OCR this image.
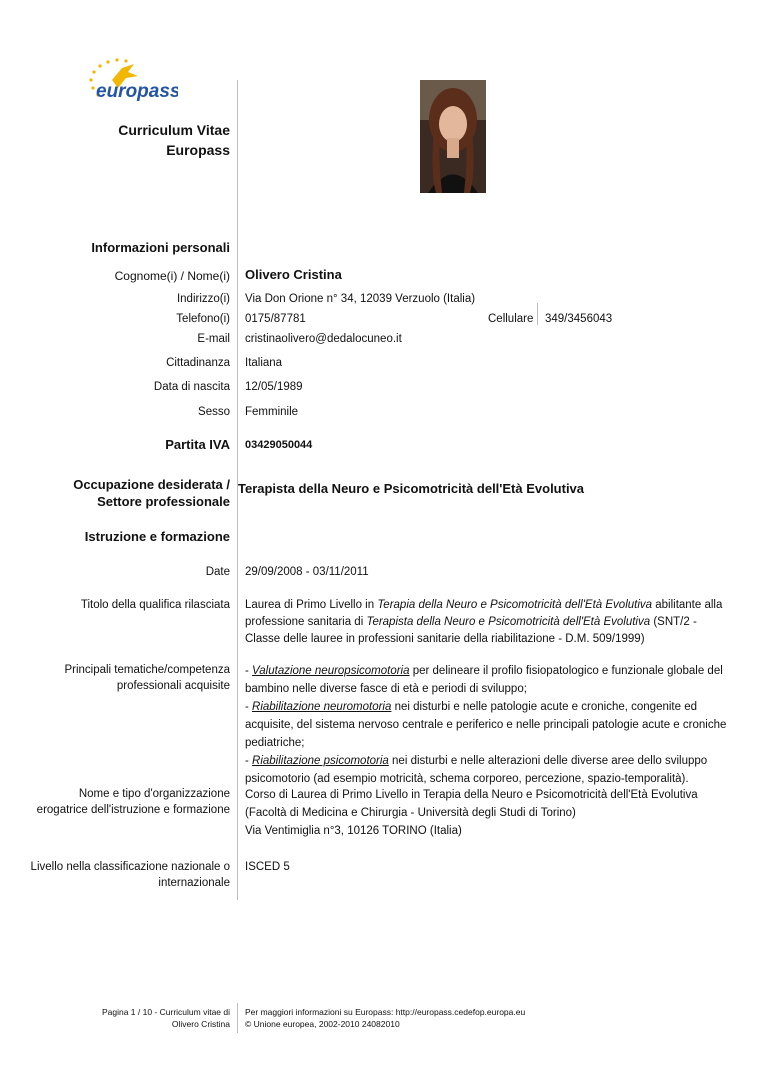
europass
Curriculum Vitae
Europass
Informazioni personali
Cognome(i) / Nome(i) Olivero Cristina
Indirizzo(i) Via Don Orione n° 34, 12039 Verzuolo (Italia)
Telefono(i) 0175/87781	Cellulare 349/3456043
E-mail cristinaolivero@dedalocuneo.it
Cittadinanza Italiana
Data di nascita 12/05/1989
Sesso Femminile
Partita IVA 03429050044
Occupazione desiderata /
Settore professionale
Terapista della Neuro e Psicomotricità dell'Età Evolutiva
Istruzione e formazione
Date 29/09/2008 - 03/11/2011
Titolo della qualifica rilasciata Laurea di Primo Livello in Terapia della Neuro e Psicomotricità dell'Età Evolutiva abilitante alla professione sanitaria di Terapista della Neuro e Psicomotricità dell'Età Evolutiva (SNT/2 - Classe delle lauree in professioni sanitarie della riabilitazione - D.M. 509/1999)
Principali tematiche/competenza
professionali acquisite
- Valutazione neuropsicomotoria per delineare il profilo fisiopatologico e funzionale globale del bambino nelle diverse fasce di età e periodi di sviluppo;
- Riabilitazione neuromotoria nei disturbi e nelle patologie acute e croniche, congenite ed acquisite, del sistema nervoso centrale e periferico e nelle principali patologie acute e croniche pediatriche;
- Riabilitazione psicomotoria nei disturbi e nelle alterazioni delle diverse aree dello sviluppo psicomotorio (ad esempio motricità, schema corporeo, percezione, spazio-temporalità).
Nome e tipo d'organizzazione
erogatrice dell'istruzione e formazione
Corso di Laurea di Primo Livello in Terapia della Neuro e Psicomotricità dell'Età Evolutiva (Facoltà di Medicina e Chirurgia - Università degli Studi di Torino)
Via Ventimiglia n°3, 10126 TORINO (Italia)
Livello nella classificazione nazionale o
internazionale
ISCED 5
Pagina 1 / 10 - Curriculum vitae di
Olivero Cristina
Per maggiori informazioni su Europass: http://europass.cedefop.europa.eu
© Unione europea, 2002-2010 24082010
